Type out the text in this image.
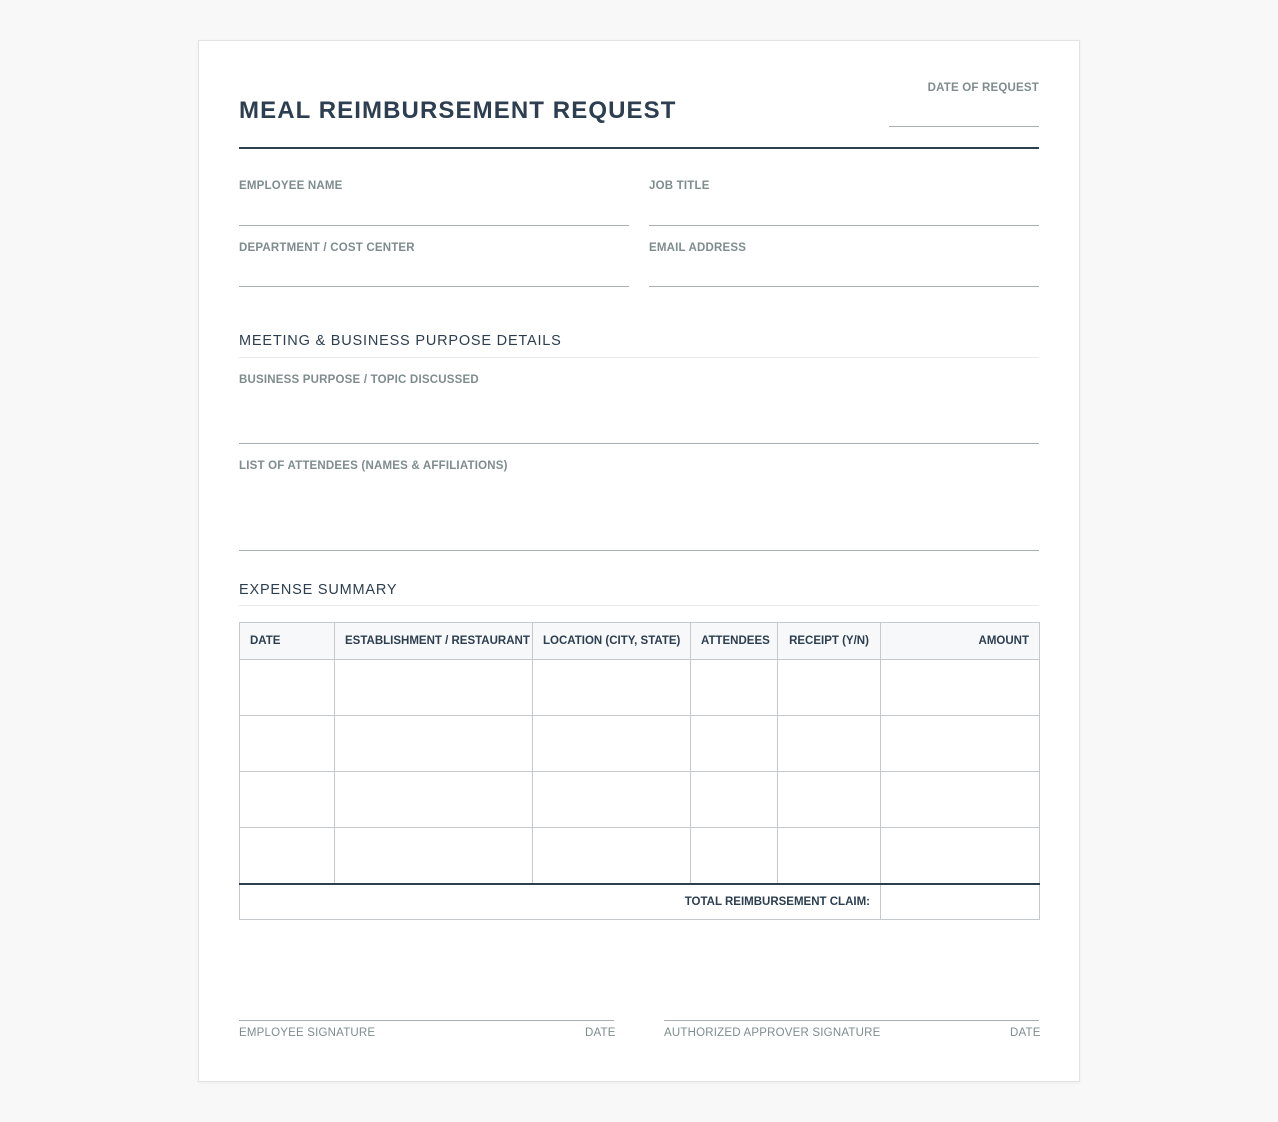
MEAL REIMBURSEMENT REQUEST
DATE OF REQUEST
EMPLOYEE NAME	JOB TITLE
DEPARTMENT / COST CENTER	EMAIL ADDRESS
MEETING & BUSINESS PURPOSE DETAILS
BUSINESS PURPOSE / TOPIC DISCUSSED
LIST OF ATTENDEES (NAMES & AFFILIATIONS)
EXPENSE SUMMARY
DATE	ESTABLISHMENT / RESTAURANT	LOCATION (CITY, STATE)	ATTENDEES	RECEIPT (Y/N)	AMOUNT

TOTAL REIMBURSEMENT CLAIM:					
EMPLOYEE SIGNATURE	DATE	AUTHORIZED APPROVER SIGNATURE	DATE
